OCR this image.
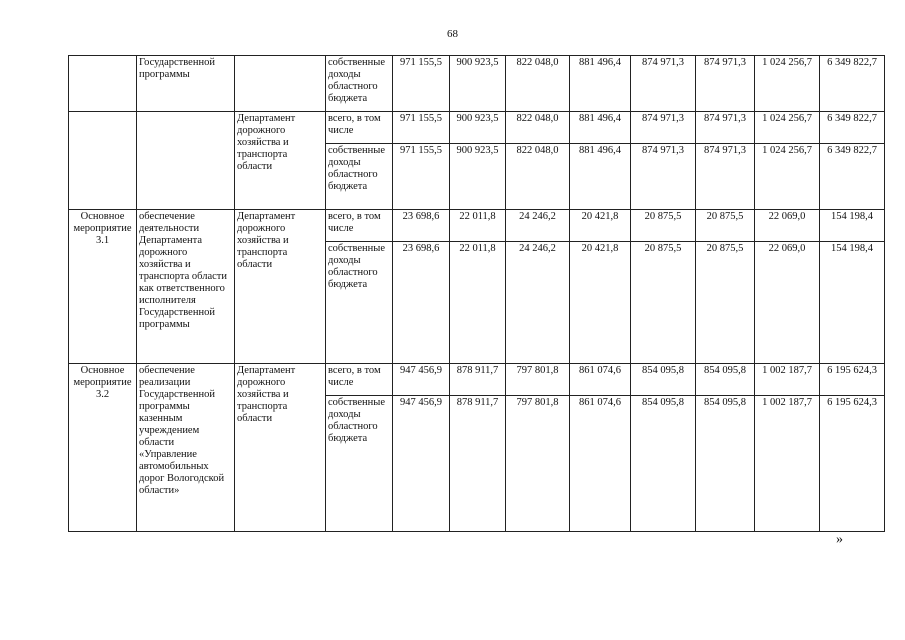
68
	Государственной программы		собственные доходы областного бюджета	971 155,5	900 923,5	822 048,0	881 496,4	874 971,3	874 971,3	1 024 256,7	6 349 822,7
		Департамент дорожного хозяйства и транспорта области	всего, в том числе	971 155,5	900 923,5	822 048,0	881 496,4	874 971,3	874 971,3	1 024 256,7	6 349 822,7
			собственные доходы областного бюджета	971 155,5	900 923,5	822 048,0	881 496,4	874 971,3	874 971,3	1 024 256,7	6 349 822,7
Основное мероприятие 3.1	обеспечение деятельности Департамента дорожного хозяйства и транспорта области как ответственного исполнителя Государственной программы	Департамент дорожного хозяйства и транспорта области	всего, в том числе	23 698,6	22 011,8	24 246,2	20 421,8	20 875,5	20 875,5	22 069,0	154 198,4
			собственные доходы областного бюджета	23 698,6	22 011,8	24 246,2	20 421,8	20 875,5	20 875,5	22 069,0	154 198,4
Основное мероприятие 3.2	обеспечение реализации Государственной программы казенным учреждением области «Управление автомобильных дорог Вологодской области»	Департамент дорожного хозяйства и транспорта области	всего, в том числе	947 456,9	878 911,7	797 801,8	861 074,6	854 095,8	854 095,8	1 002 187,7	6 195 624,3
			собственные доходы областного бюджета	947 456,9	878 911,7	797 801,8	861 074,6	854 095,8	854 095,8	1 002 187,7	6 195 624,3
»
